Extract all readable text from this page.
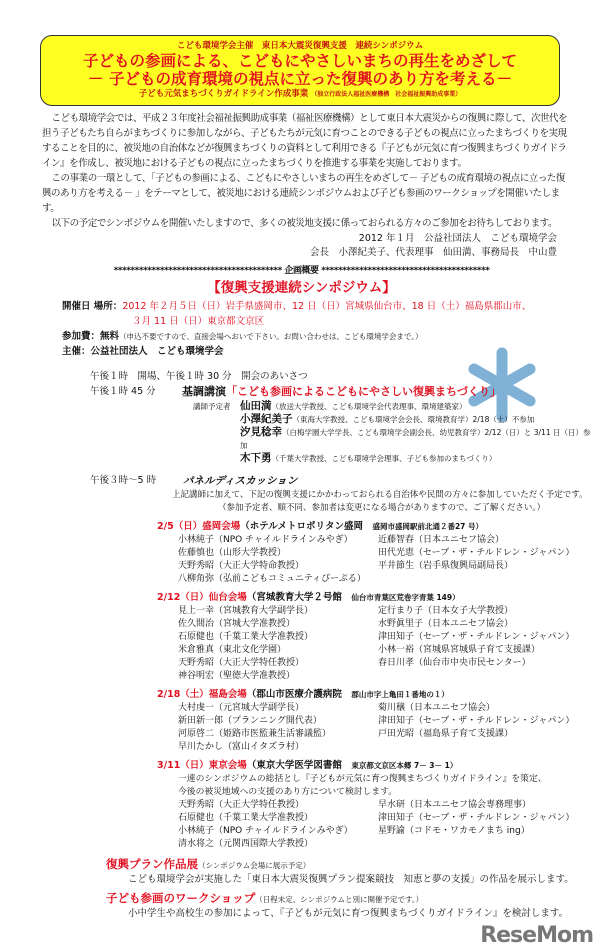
こども環境学会主催　東日本大震災復興支援　連続シンポジウム
子どもの参画による、こどもにやさしいまちの再生をめざして
－ 子どもの成育環境の視点に立った復興のあり方を考える－
子ども元気まちづくりガイドライン作成事業 （独立行政法人福祉医療機構　社会福祉振興助成事業）

こども環境学会では、平成２３年度社会福祉振興助成事業（福祉医療機構）として東日本大震災からの復興に際して、次世代を担う子どもたち自らがまちづくりに参加しながら、子どもたちが元気に育つことのできる子どもの視点に立ったまちづくりを実現することを目的に、被災地の自治体などが復興まちづくりの資料として利用できる『子どもが元気に育つ復興まちづくりガイドライン』を作成し、被災地における子どもの視点に立ったまちづくりを推進する事業を実施しております。

この事業の一環として、「子どもの参画による、こどもにやさしいまちの再生をめざして－ 子どもの成育環境の視点に立った復興のあり方を考える－ 」をテーマとして、被災地における連続シンポジウムおよび子ども参画のワークショップを開催いたします。

以下の予定でシンポジウムを開催いたしますので、多くの被災地支援に係っておられる方々のご参加をお待ちしております。

2012 年１月　公益社団法人　こども環境学会
会長　小澤紀美子、代表理事　仙田満、事務局長　中山豊
**************************************** 企画概要 ****************************************
【復興支援連続シンポジウム】
開催日 場所：2012 年２月５日（日）岩手県盛岡市、12 日（日）宮城県仙台市、18 日（土）福島県郡山市、
３月 11 日（日）東京都文京区
参加費：無料（申込不要ですので、直接会場へおいで下さい。お問い合わせは、こども環境学会まで。）
主催：公益社団法人　こども環境学会
午後１時　開場、午後１時 30 分　開会のあいさつ
午後１時 45 分	基調講演「こども参画によるこどもにやさしい復興まちづくり」
講師予定者 仙田満（放送大学教授、こども環境学会代表理事、環境建築家）
小澤紀美子（東海大学教授、こども環境学会会長、環境教育学）2/18（土）不参加
汐見稔幸（白梅学園大学学長、こども環境学会副会長、幼児教育学）2/12（日）と 3/11 日（日）参加
木下勇（千葉大学教授、こども環境学会理事、子ども参加のまちづくり）
午後３時～5 時	パネルディスカッション
上記講師に加えて、下記の復興支援にかかわっておられる自治体や民間の方々に参加していただく予定です。
（参加予定者、順不同、参加者は変更になる場合がありますので、ご了解ください。）
2/5（日）盛岡会場（ホテルメトロポリタン盛岡　 盛岡市盛岡駅前北通２番27 号）
小林純子（NPO チャイルドラインみやぎ）	近藤智春（日本ユニセフ協会）
佐藤慎也（山形大学教授）	田代光恵（セーブ・ザ・チルドレン・ジャパン）
天野秀昭（大正大学特命教授）	平井節生（岩手県復興局副局長）
八柳角弥（弘前こどもコミュニティぴーぷる）
2/12（日）仙台会場（宮城教育大学２号館　 仙台市青葉区荒巻字青葉 149）
見上一幸（宮城教育大学副学長）	定行まり子（日本女子大学教授）
佐久間治（宮城大学准教授）	水野眞里子（日本ユニセフ協会）
石原健也（千葉工業大学准教授）	津田知子（セーブ・ザ・チルドレン・ジャパン）
米倉雅真（東北文化学園）	小林一裕（宮城県宮城県子育て支援課）
天野秀昭（大正大学特任教授）	春日川孝（仙台市中央市民センター）
神谷明宏（聖徳大学准教授）
2/18（土）福島会場（郡山市医療介護病院　 郡山市字上亀田１番地の１）
大村虔一（元宮城大学副学長）	菊川穣（日本ユニセフ協会）
新田新一郎（プランニング開代表）	津田知子（セーブ・ザ・チルドレン・ジャパン）
河原啓二（姫路市医監兼生活審議監）	戸田光昭（福島県子育て支援課）
早川たかし（富山イタズラ村）
3/11（日）東京会場（東京大学医学図書館　 東京都文京区本郷 7－ 3－ 1）
一連のシンポジウムの総括とし『子どもが元気に育つ復興まちづくりガイドライン』を策定、
今後の被災地域への支援のあり方について検討します。
天野秀昭（大正大学特任教授）	早水研（日本ユニセフ協会専務理事）
石原健也（千葉工業大学准教授）	津田知子（セーブ・ザ・チルドレン・ジャパン）
小林純子（NPO チャイルドラインみやぎ）	星野諭（コドモ・ワカモノまち ing）
清水将之（元関西国際大学教授）
復興プラン作品展（シンポジウム会場に展示予定）
こども環境学会が実施した「東日本大震災復興プラン提案競技　知恵と夢の支援」の作品を展示します。
子ども参画のワークショップ（日程未定、シンポジウムと別に開催予定です。）
小中学生や高校生の参加によって、『子どもが元気に育つ復興まちづくりガイドライン』を検討します。
ReseMom
